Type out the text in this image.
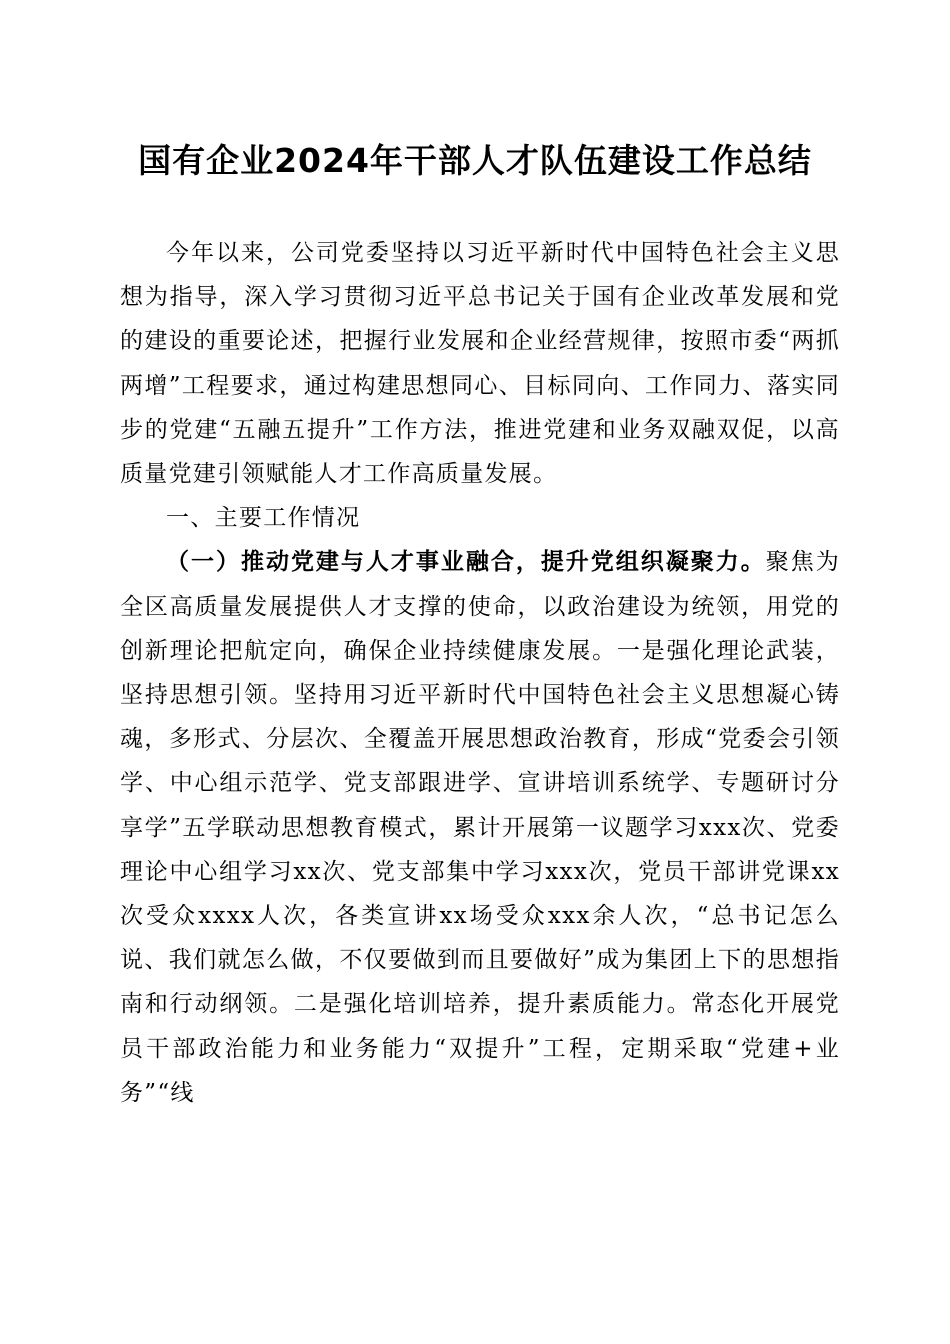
国有企业2024年干部人才队伍建设工作总结

今年以来，公司党委坚持以习近平新时代中国特色社会主义思想为指导，深入学习贯彻习近平总书记关于国有企业改革发展和党的建设的重要论述，把握行业发展和企业经营规律，按照市委“两抓两增”工程要求，通过构建思想同心、目标同向、工作同力、落实同步的党建“五融五提升”工作方法，推进党建和业务双融双促，以高质量党建引领赋能人才工作高质量发展。

一、主要工作情况

（一）推动党建与人才事业融合，提升党组织凝聚力。聚焦为全区高质量发展提供人才支撑的使命，以政治建设为统领，用党的创新理论把航定向，确保企业持续健康发展。一是强化理论武装，坚持思想引领。坚持用习近平新时代中国特色社会主义思想凝心铸魂，多形式、分层次、全覆盖开展思想政治教育，形成“党委会引领学、中心组示范学、党支部跟进学、宣讲培训系统学、专题研讨分享学”五学联动思想教育模式，累计开展第一议题学习xxx次、党委理论中心组学习xx次、党支部集中学习xxx次，党员干部讲党课xx次受众xxxx人次，各类宣讲xx场受众xxx余人次，“总书记怎么说、我们就怎么做，不仅要做到而且要做好”成为集团上下的思想指南和行动纲领。二是强化培训培养，提升素质能力。常态化开展党员干部政治能力和业务能力“双提升”工程，定期采取“党建+业务”“线
